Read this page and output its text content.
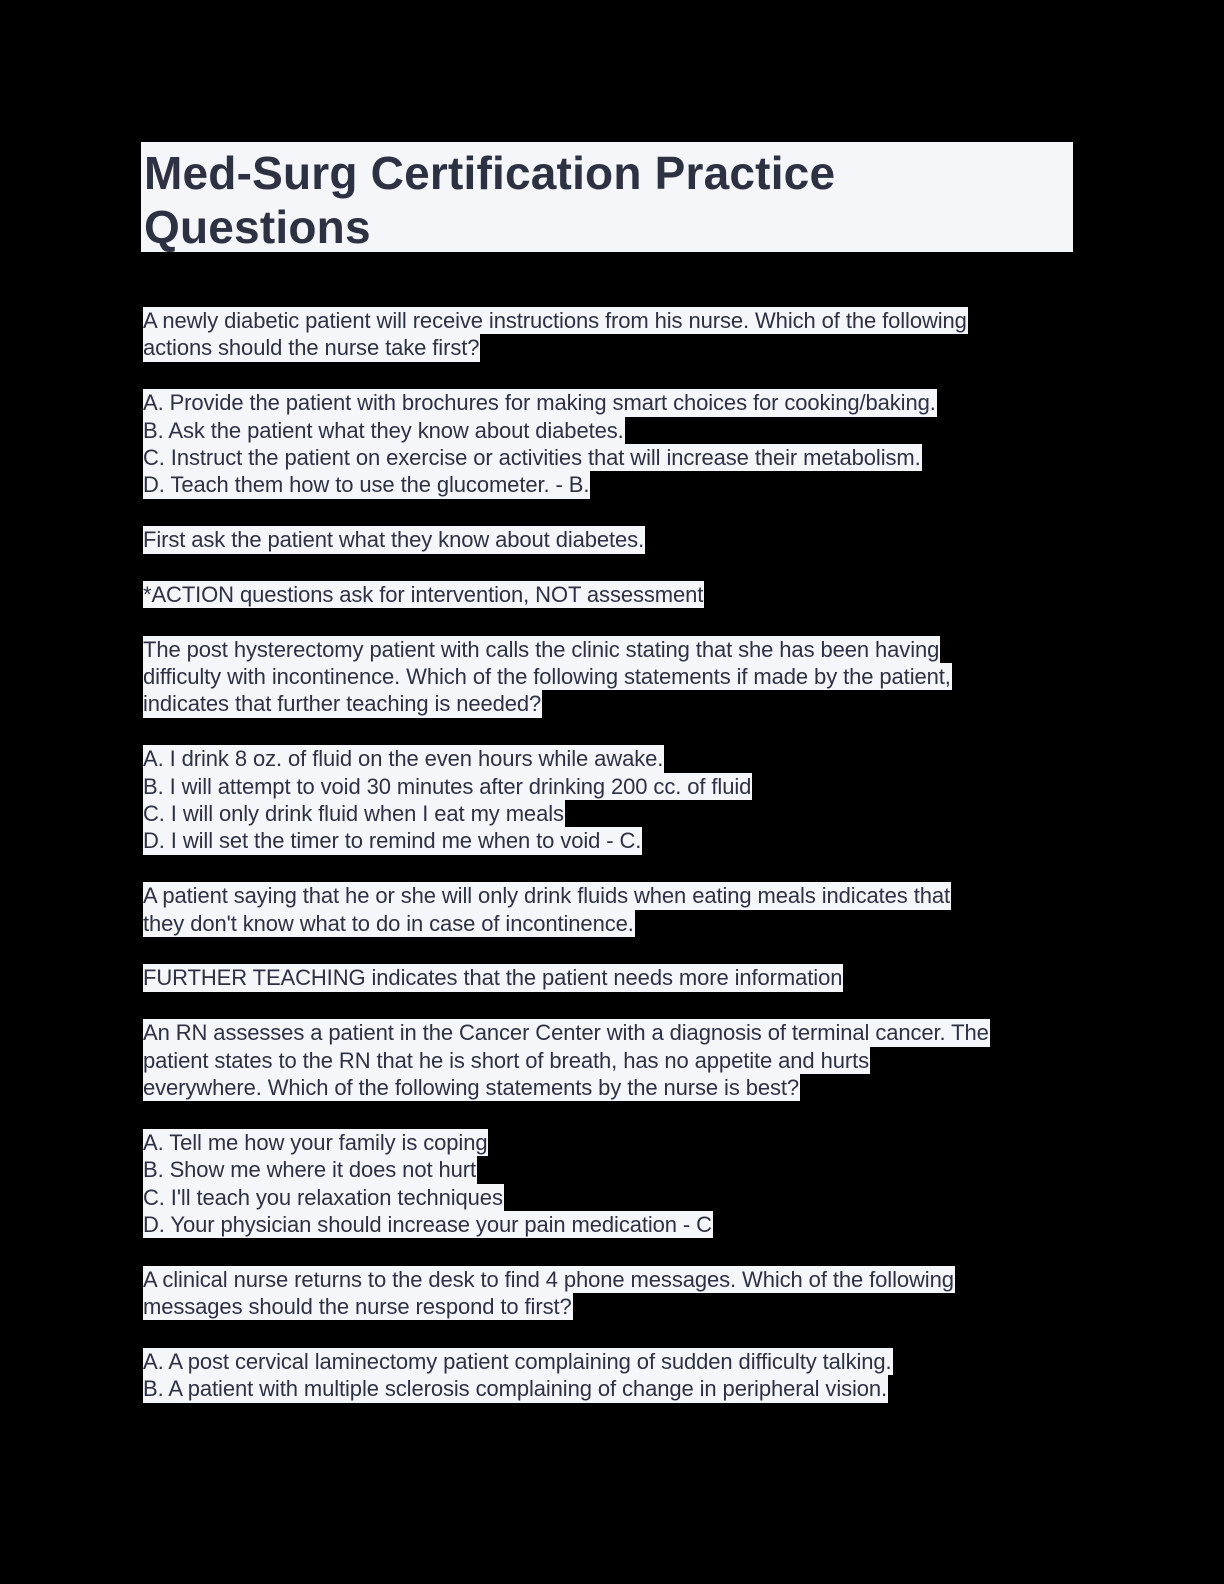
Med-Surg Certification Practice
Questions
A newly diabetic patient will receive instructions from his nurse. Which of the following
actions should the nurse take first?
A. Provide the patient with brochures for making smart choices for cooking/baking.
B. Ask the patient what they know about diabetes.
C. Instruct the patient on exercise or activities that will increase their metabolism.
D. Teach them how to use the glucometer. - B.
First ask the patient what they know about diabetes.
*ACTION questions ask for intervention, NOT assessment
The post hysterectomy patient with calls the clinic stating that she has been having
difficulty with incontinence. Which of the following statements if made by the patient,
indicates that further teaching is needed?
A. I drink 8 oz. of fluid on the even hours while awake.
B. I will attempt to void 30 minutes after drinking 200 cc. of fluid
C. I will only drink fluid when I eat my meals
D. I will set the timer to remind me when to void - C.
A patient saying that he or she will only drink fluids when eating meals indicates that
they don't know what to do in case of incontinence.
FURTHER TEACHING indicates that the patient needs more information
An RN assesses a patient in the Cancer Center with a diagnosis of terminal cancer. The
patient states to the RN that he is short of breath, has no appetite and hurts
everywhere. Which of the following statements by the nurse is best?
A. Tell me how your family is coping
B. Show me where it does not hurt
C. I'll teach you relaxation techniques
D. Your physician should increase your pain medication - C
A clinical nurse returns to the desk to find 4 phone messages. Which of the following
messages should the nurse respond to first?
A. A post cervical laminectomy patient complaining of sudden difficulty talking.
B. A patient with multiple sclerosis complaining of change in peripheral vision.
